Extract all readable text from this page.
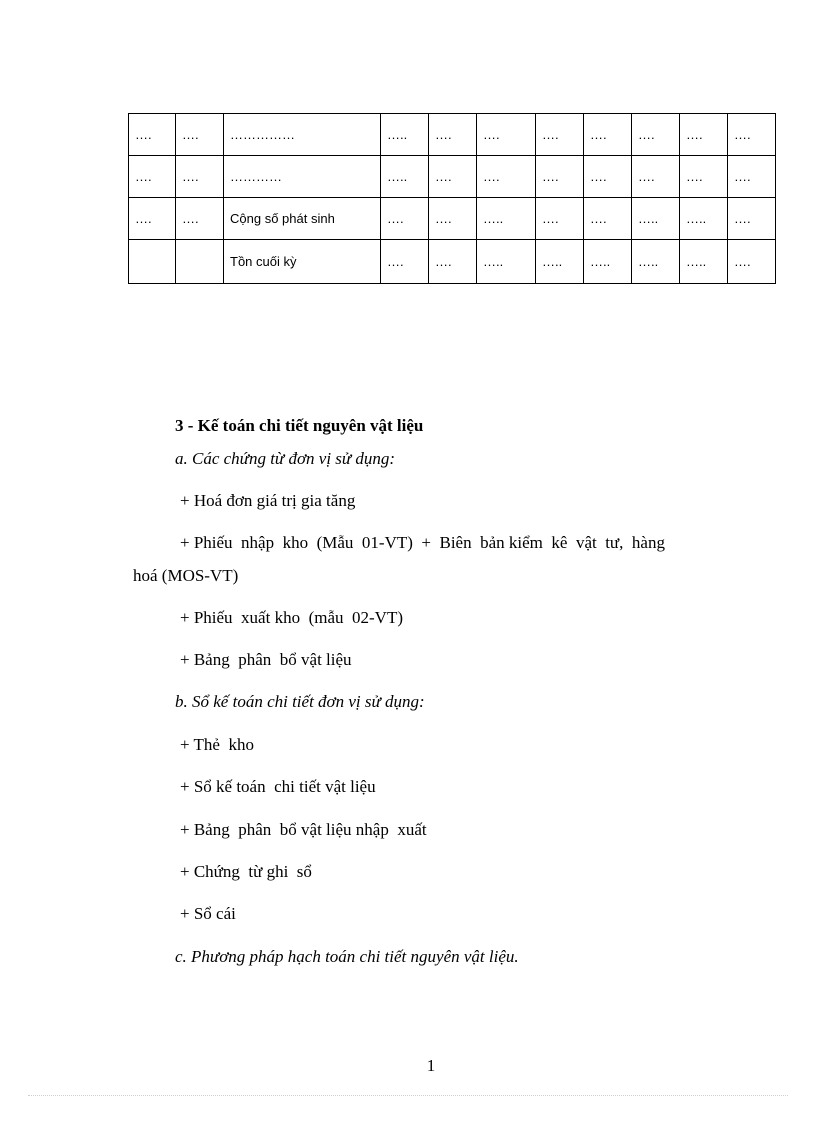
….	….	……………	…..	….	….	….	….	….	….	….
….	….	…………	…..	….	….	….	….	….	….	….
….	….	Cộng số phát sinh	….	….	…..	….	….	…..	…..	….
		Tồn cuối kỳ	….	….	…..	…..	…..	…..	…..	….
3 - Kế toán chi tiết nguyên vật liệu
a. Các chứng từ đơn vị sử dụng:
+ Hoá đơn giá trị gia tăng
+ Phiếu  nhập  kho  (Mẫu  01-VT)  +  Biên  bản kiểm  kê  vật  tư,  hàng
hoá (MOS-VT)
+ Phiếu  xuất kho  (mẫu  02-VT)
+ Bảng  phân  bổ vật liệu
b. Sổ kế toán chi tiết đơn vị sử dụng:
+ Thẻ  kho
+ Sổ kế toán  chi tiết vật liệu
+ Bảng  phân  bổ vật liệu nhập  xuất
+ Chứng  từ ghi  sổ
+ Sổ cái
c. Phương pháp hạch toán chi tiết nguyên vật liệu.
1
